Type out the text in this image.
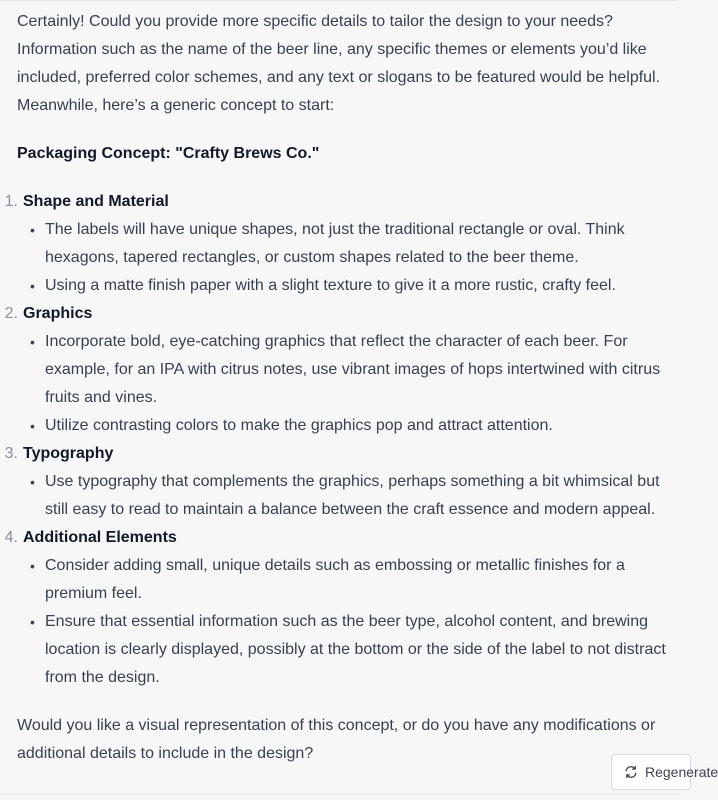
Certainly! Could you provide more specific details to tailor the design to your needs? Information such as the name of the beer line, any specific themes or elements you’d like included, preferred color schemes, and any text or slogans to be featured would be helpful. Meanwhile, here’s a generic concept to start:

Packaging Concept: "Crafty Brews Co."

1. Shape and Material
• The labels will have unique shapes, not just the traditional rectangle or oval. Think hexagons, tapered rectangles, or custom shapes related to the beer theme.
• Using a matte finish paper with a slight texture to give it a more rustic, crafty feel.
2. Graphics
• Incorporate bold, eye-catching graphics that reflect the character of each beer. For example, for an IPA with citrus notes, use vibrant images of hops intertwined with citrus fruits and vines.
• Utilize contrasting colors to make the graphics pop and attract attention.
3. Typography
• Use typography that complements the graphics, perhaps something a bit whimsical but still easy to read to maintain a balance between the craft essence and modern appeal.
4. Additional Elements
• Consider adding small, unique details such as embossing or metallic finishes for a premium feel.
• Ensure that essential information such as the beer type, alcohol content, and brewing location is clearly displayed, possibly at the bottom or the side of the label to not distract from the design.

Would you like a visual representation of this concept, or do you have any modifications or additional details to include in the design?

Regenerate
